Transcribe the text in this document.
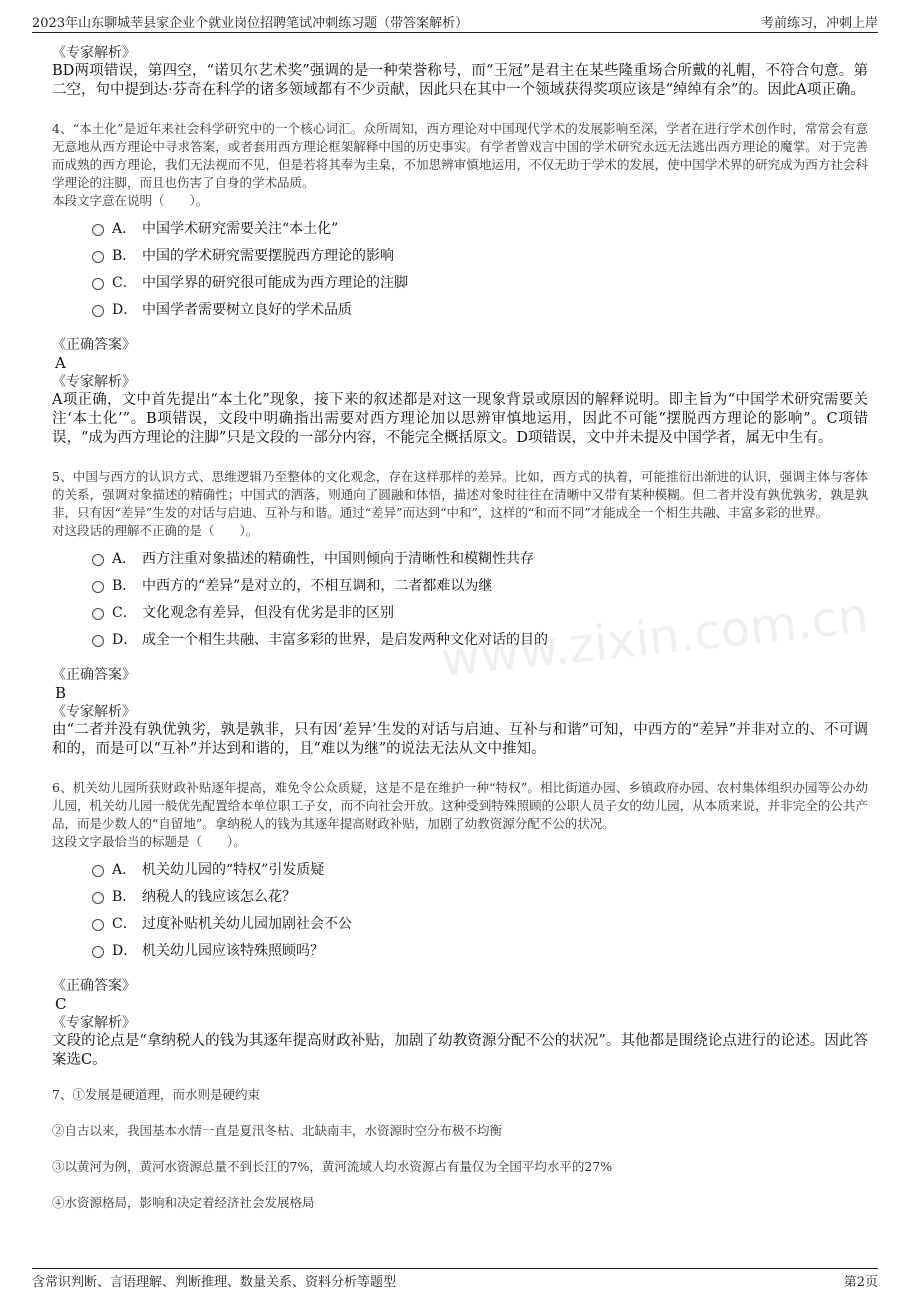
2023年山东聊城莘县家企业个就业岗位招聘笔试冲刺练习题（带答案解析）	考前练习，冲刺上岸
www.zixin.com.cn
《专家解析》
BD两项错误，第四空，“诺贝尔艺术奖”强调的是一种荣誉称号，而“王冠”是君主在某些隆重场合所戴的礼帽，不符合句意。第二空，句中提到达·芬奇在科学的诸多领域都有不少贡献，因此只在其中一个领域获得奖项应该是“绰绰有余”的。因此A项正确。
4、“本土化”是近年来社会科学研究中的一个核心词汇。众所周知，西方理论对中国现代学术的发展影响至深，学者在进行学术创作时，常常会有意无意地从西方理论中寻求答案，或者套用西方理论框架解释中国的历史事实。有学者曾戏言中国的学术研究永远无法逃出西方理论的魔掌。对于完善而成熟的西方理论，我们无法视而不见，但是若将其奉为圭臬，不加思辨审慎地运用，不仅无助于学术的发展，使中国学术界的研究成为西方社会科学理论的注脚，而且也伤害了自身的学术品质。
本段文字意在说明（　　）。
A． 中国学术研究需要关注“本土化”
B． 中国的学术研究需要摆脱西方理论的影响
C． 中国学界的研究很可能成为西方理论的注脚
D． 中国学者需要树立良好的学术品质
《正确答案》
A
《专家解析》
A项正确，文中首先提出“本土化”现象，接下来的叙述都是对这一现象背景或原因的解释说明。即主旨为“中国学术研究需要关注‘本土化’”。B项错误，文段中明确指出需要对西方理论加以思辨审慎地运用，因此不可能“摆脱西方理论的影响”。C项错误，“成为西方理论的注脚”只是文段的一部分内容，不能完全概括原文。D项错误，文中并未提及中国学者，属无中生有。
5、中国与西方的认识方式、思维逻辑乃至整体的文化观念，存在这样那样的差异。比如，西方式的执着，可能推衍出渐进的认识，强调主体与客体的关系，强调对象描述的精确性；中国式的洒落，则通向了圆融和体悟，描述对象时往往在清晰中又带有某种模糊。但二者并没有孰优孰劣，孰是孰非，只有因“差异”生发的对话与启迪、互补与和谐。通过“差异”而达到“中和”，这样的“和而不同”才能成全一个相生共融、丰富多彩的世界。
对这段话的理解不正确的是（　　）。
A． 西方注重对象描述的精确性，中国则倾向于清晰性和模糊性共存
B． 中西方的“差异”是对立的，不相互调和，二者都难以为继
C． 文化观念有差异，但没有优劣是非的区别
D． 成全一个相生共融、丰富多彩的世界，是启发两种文化对话的目的
《正确答案》
B
《专家解析》
由“二者并没有孰优孰劣，孰是孰非，只有因‘差异’生发的对话与启迪、互补与和谐”可知，中西方的“差异”并非对立的、不可调和的，而是可以“互补”并达到和谐的，且“难以为继”的说法无法从文中推知。
6、机关幼儿园所获财政补贴逐年提高，难免令公众质疑，这是不是在维护一种“特权”。相比街道办园、乡镇政府办园、农村集体组织办园等公办幼儿园，机关幼儿园一般优先配置给本单位职工子女，而不向社会开放。这种受到特殊照顾的公职人员子女的幼儿园，从本质来说，并非完全的公共产品，而是少数人的“自留地”。拿纳税人的钱为其逐年提高财政补贴，加剧了幼教资源分配不公的状况。
这段文字最恰当的标题是（　　）。
A． 机关幼儿园的“特权”引发质疑
B． 纳税人的钱应该怎么花？
C． 过度补贴机关幼儿园加剧社会不公
D． 机关幼儿园应该特殊照顾吗？
《正确答案》
C
《专家解析》
文段的论点是“拿纳税人的钱为其逐年提高财政补贴，加剧了幼教资源分配不公的状况”。其他都是围绕论点进行的论述。因此答案选C。

7、①发展是硬道理，而水则是硬约束

②自古以来，我国基本水情一直是夏汛冬枯、北缺南丰，水资源时空分布极不均衡

③以黄河为例，黄河水资源总量不到长江的7%，黄河流域人均水资源占有量仅为全国平均水平的27%

④水资源格局，影响和决定着经济社会发展格局

含常识判断、言语理解、判断推理、数量关系、资料分析等题型	第2页
